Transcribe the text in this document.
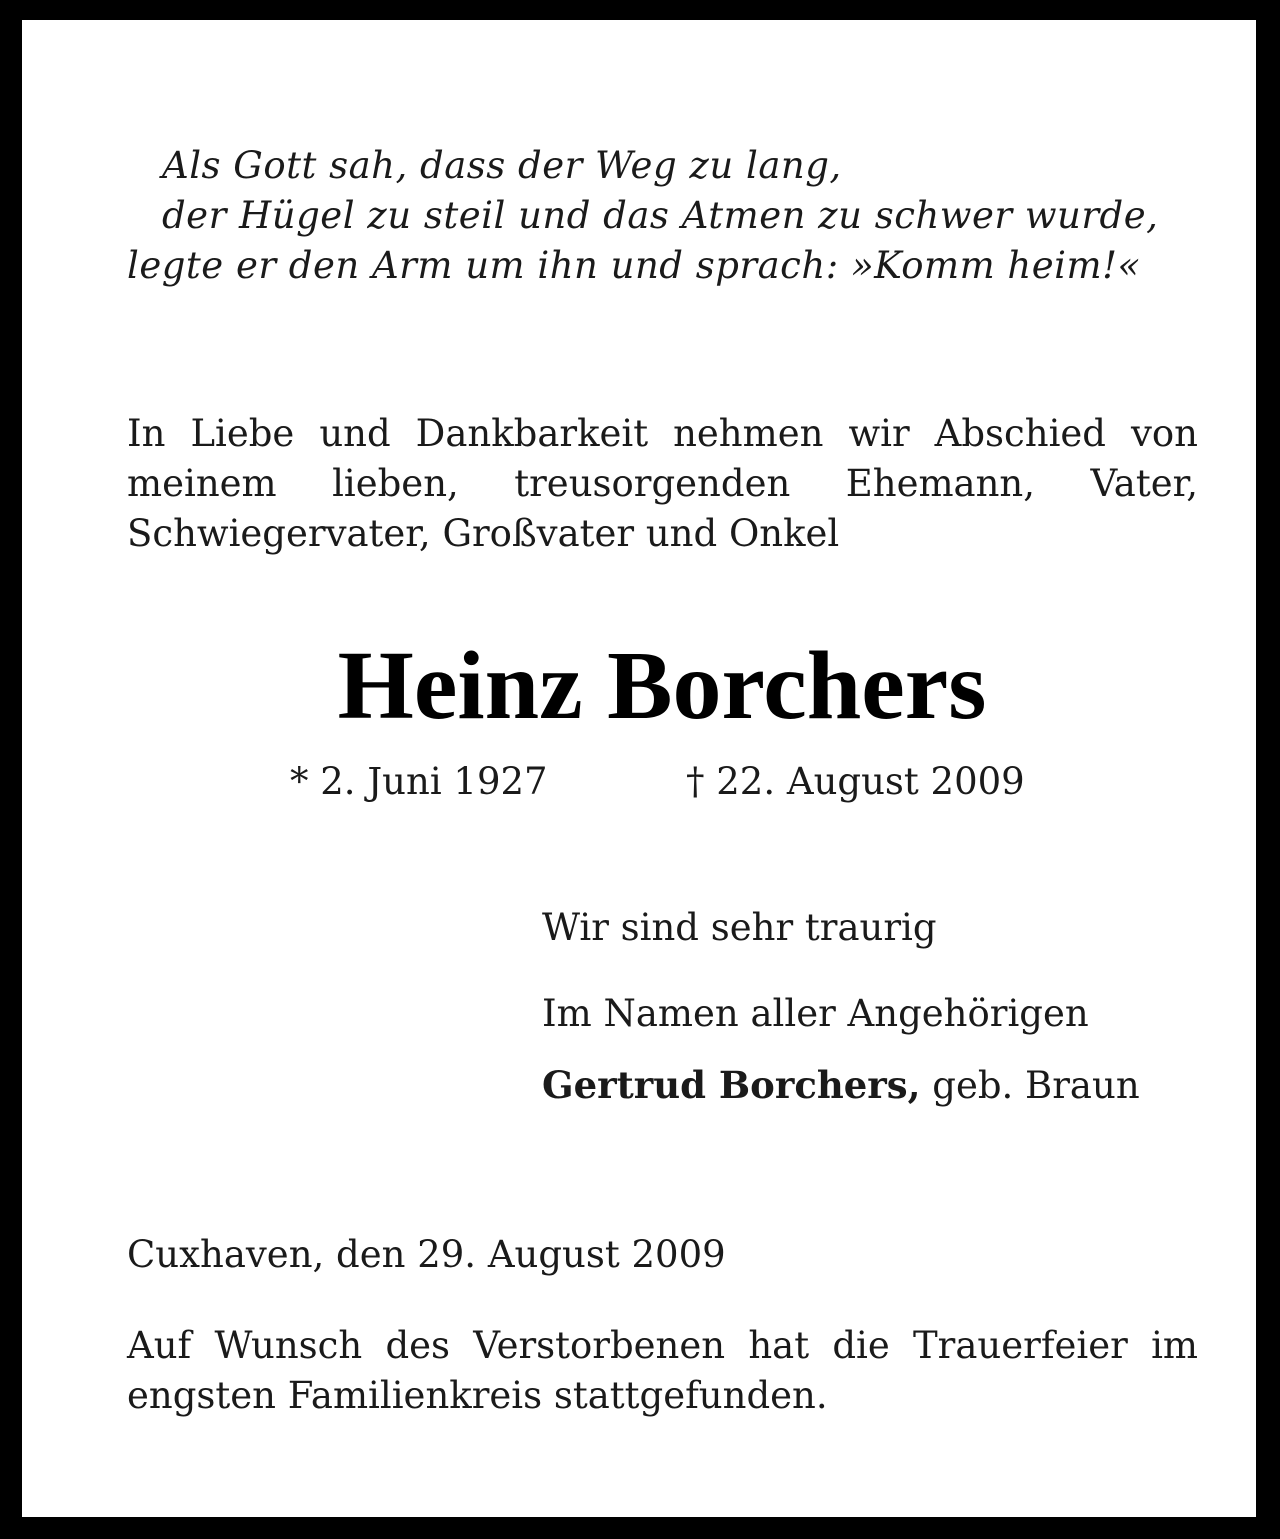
Als Gott sah, dass der Weg zu lang,
der Hügel zu steil und das Atmen zu schwer wurde,
legte er den Arm um ihn und sprach: »Komm heim!«
In Liebe und Dankbarkeit nehmen wir Abschied von
meinem lieben, treusorgenden Ehemann, Vater,
Schwiegervater, Großvater und Onkel
Heinz Borchers
* 2. Juni 1927	† 22. August 2009
Wir sind sehr traurig
Im Namen aller Angehörigen
Gertrud Borchers, geb. Braun
Cuxhaven, den 29. August 2009
Auf Wunsch des Verstorbenen hat die Trauerfeier im
engsten Familienkreis stattgefunden.
